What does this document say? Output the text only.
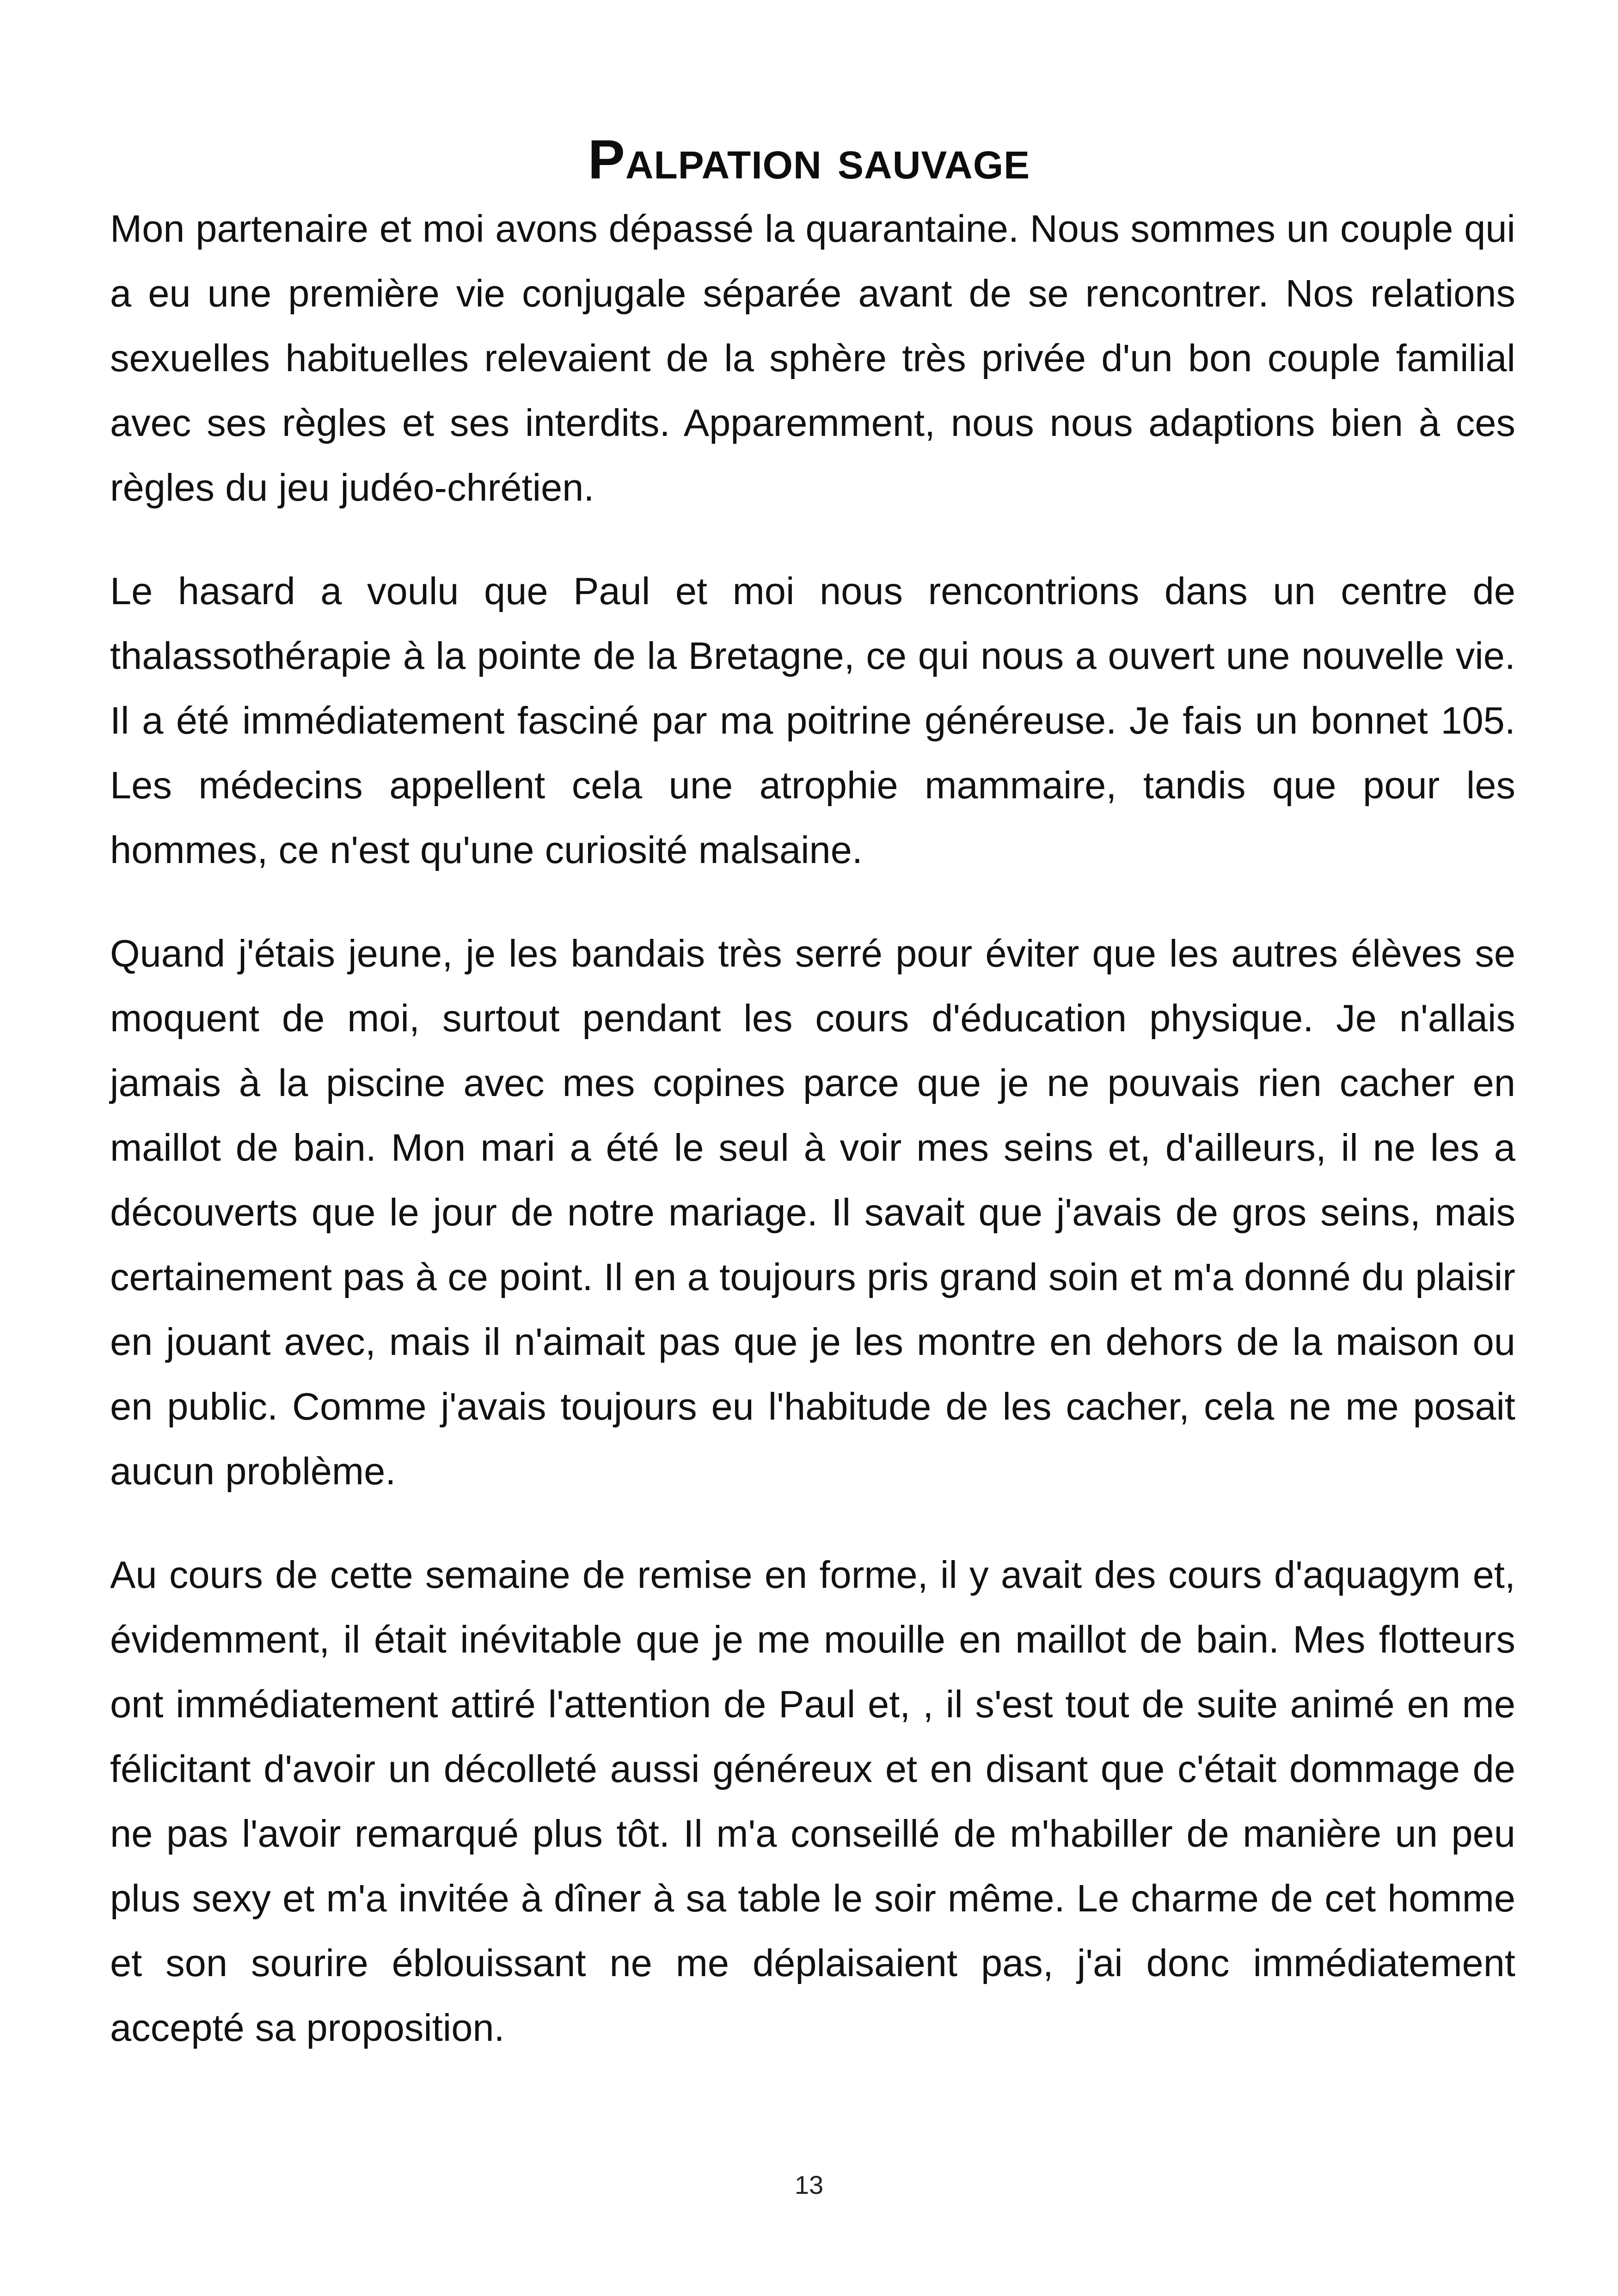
Palpation sauvage

Mon partenaire et moi avons dépassé la quarantaine. Nous sommes un couple qui a eu une première vie conjugale séparée avant de se rencontrer. Nos relations sexuelles habituelles relevaient de la sphère très privée d'un bon couple familial avec ses règles et ses interdits. Apparemment, nous nous adaptions bien à ces règles du jeu judéo-chrétien.

Le hasard a voulu que Paul et moi nous rencontrions dans un centre de thalassothérapie à la pointe de la Bretagne, ce qui nous a ouvert une nouvelle vie. Il a été immédiatement fasciné par ma poitrine généreuse. Je fais un bonnet 105. Les médecins appellent cela une atrophie mammaire, tandis que pour les hommes, ce n'est qu'une curiosité malsaine.

Quand j'étais jeune, je les bandais très serré pour éviter que les autres élèves se moquent de moi, surtout pendant les cours d'éducation physique. Je n'allais jamais à la piscine avec mes copines parce que je ne pouvais rien cacher en maillot de bain. Mon mari a été le seul à voir mes seins et, d'ailleurs, il ne les a découverts que le jour de notre mariage. Il savait que j'avais de gros seins, mais certainement pas à ce point. Il en a toujours pris grand soin et m'a donné du plaisir en jouant avec, mais il n'aimait pas que je les montre en dehors de la maison ou en public. Comme j'avais toujours eu l'habitude de les cacher, cela ne me posait aucun problème.

Au cours de cette semaine de remise en forme, il y avait des cours d'aquagym et, évidemment, il était inévitable que je me mouille en maillot de bain. Mes flotteurs ont immédiatement attiré l'attention de Paul et, , il s'est tout de suite animé en me félicitant d'avoir un décolleté aussi généreux et en disant que c'était dommage de ne pas l'avoir remarqué plus tôt. Il m'a conseillé de m'habiller de manière un peu plus sexy et m'a invitée à dîner à sa table le soir même. Le charme de cet homme et son sourire éblouissant ne me déplaisaient pas, j'ai donc immédiatement accepté sa proposition.

13
